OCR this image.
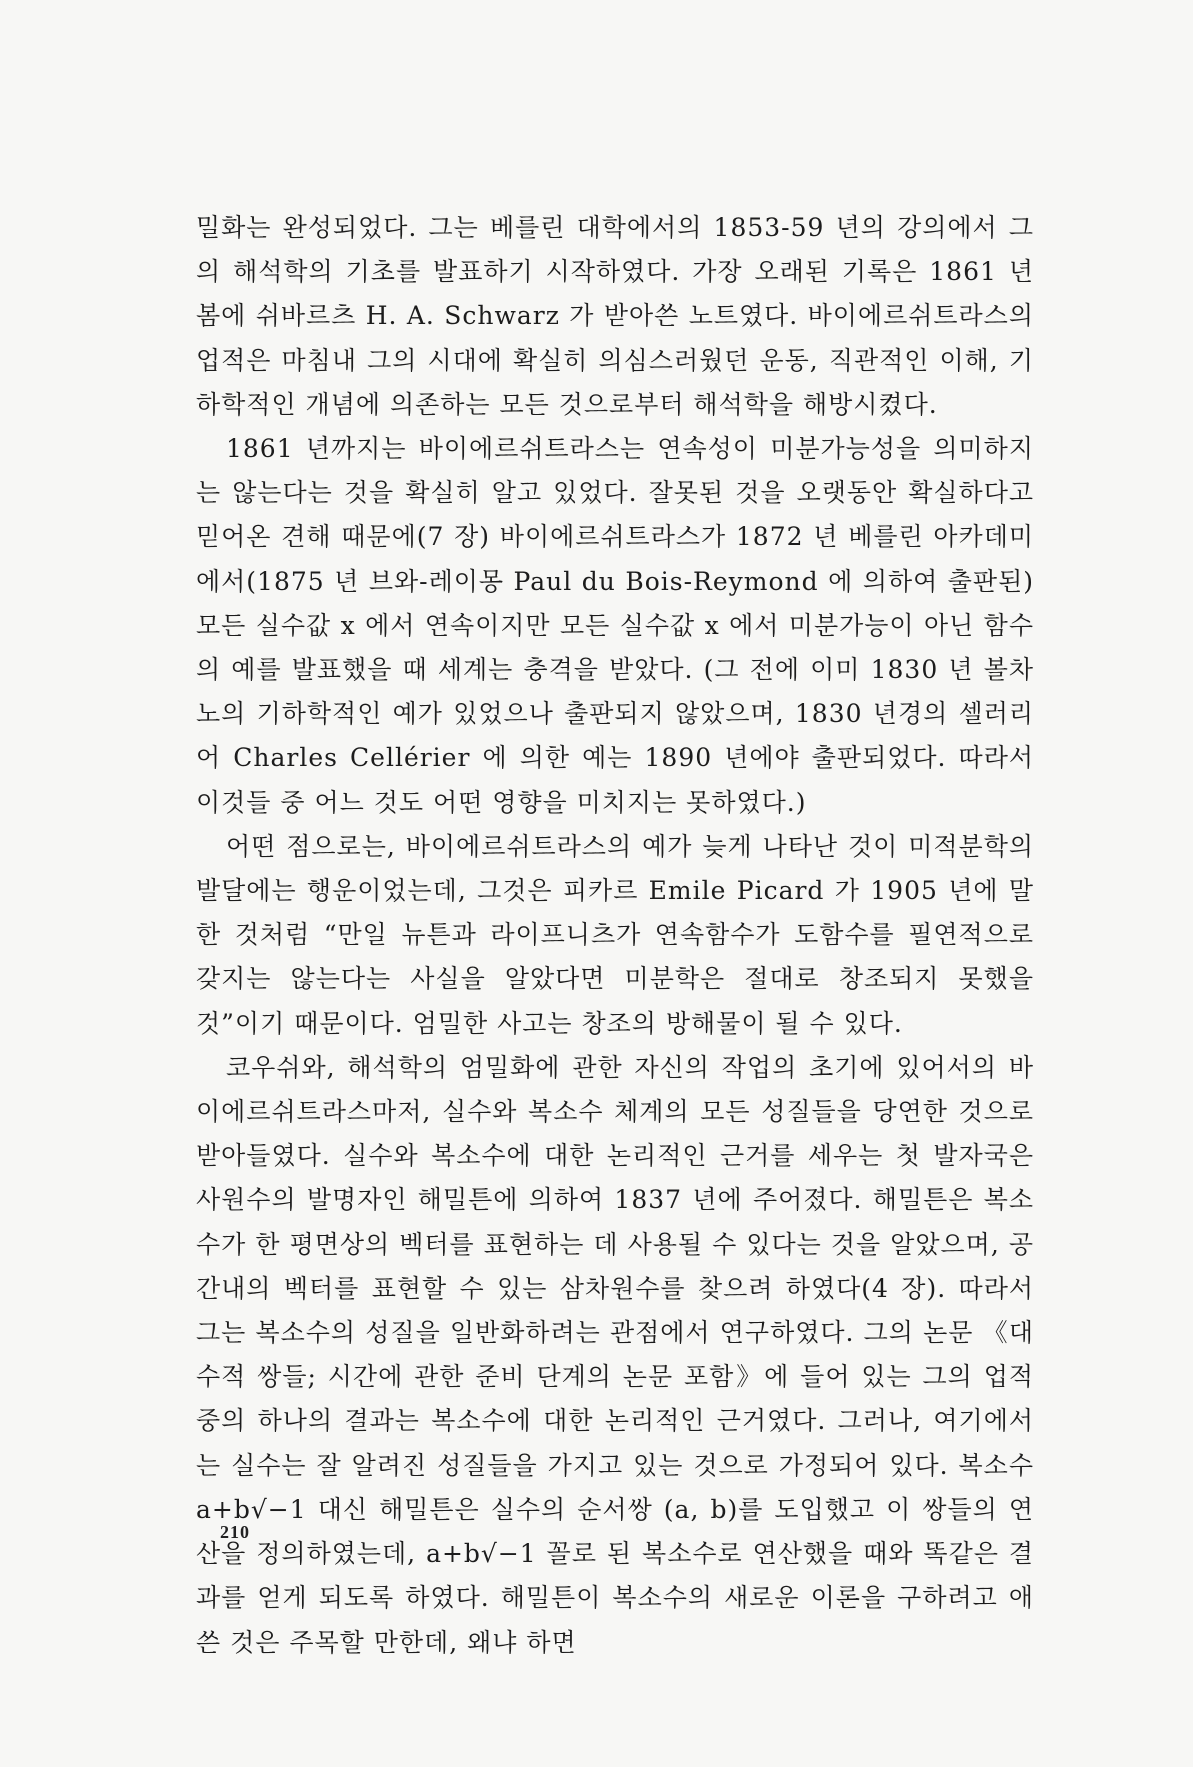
밀화는 완성되었다. 그는 베를린 대학에서의 1853-59 년의 강의에서 그의 해석학의 기초를 발표하기 시작하였다. 가장 오래된 기록은 1861 년 봄에 쉬바르츠 H. A. Schwarz 가 받아쓴 노트였다. 바이에르쉬트라스의 업적은 마침내 그의 시대에 확실히 의심스러웠던 운동, 직관적인 이해, 기하학적인 개념에 의존하는 모든 것으로부터 해석학을 해방시켰다.

1861 년까지는 바이에르쉬트라스는 연속성이 미분가능성을 의미하지는 않는다는 것을 확실히 알고 있었다. 잘못된 것을 오랫동안 확실하다고 믿어온 견해 때문에(7 장) 바이에르쉬트라스가 1872 년 베를린 아카데미에서(1875 년 브와-레이몽 Paul du Bois-Reymond 에 의하여 출판된) 모든 실수값 x 에서 연속이지만 모든 실수값 x 에서 미분가능이 아닌 함수의 예를 발표했을 때 세계는 충격을 받았다. (그 전에 이미 1830 년 볼차노의 기하학적인 예가 있었으나 출판되지 않았으며, 1830 년경의 셀러리어 Charles Cellérier 에 의한 예는 1890 년에야 출판되었다. 따라서 이것들 중 어느 것도 어떤 영향을 미치지는 못하였다.)

어떤 점으로는, 바이에르쉬트라스의 예가 늦게 나타난 것이 미적분학의 발달에는 행운이었는데, 그것은 피카르 Emile Picard 가 1905 년에 말한 것처럼 “만일 뉴튼과 라이프니츠가 연속함수가 도함수를 필연적으로 갖지는 않는다는 사실을 알았다면 미분학은 절대로 창조되지 못했을 것”이기 때문이다. 엄밀한 사고는 창조의 방해물이 될 수 있다.

코우쉬와, 해석학의 엄밀화에 관한 자신의 작업의 초기에 있어서의 바이에르쉬트라스마저, 실수와 복소수 체계의 모든 성질들을 당연한 것으로 받아들였다. 실수와 복소수에 대한 논리적인 근거를 세우는 첫 발자국은 사원수의 발명자인 해밀튼에 의하여 1837 년에 주어졌다. 해밀튼은 복소수가 한 평면상의 벡터를 표현하는 데 사용될 수 있다는 것을 알았으며, 공간내의 벡터를 표현할 수 있는 삼차원수를 찾으려 하였다(4 장). 따라서 그는 복소수의 성질을 일반화하려는 관점에서 연구하였다. 그의 논문 《대수적 쌍들; 시간에 관한 준비 단계의 논문 포함》에 들어 있는 그의 업적 중의 하나의 결과는 복소수에 대한 논리적인 근거였다. 그러나, 여기에서는 실수는 잘 알려진 성질들을 가지고 있는 것으로 가정되어 있다. 복소수 a+b√−1 대신 해밀튼은 실수의 순서쌍 (a, b)를 도입했고 이 쌍들의 연산을 정의하였는데, a+b√−1 꼴로 된 복소수로 연산했을 때와 똑같은 결과를 얻게 되도록 하였다. 해밀튼이 복소수의 새로운 이론을 구하려고 애쓴 것은 주목할 만한데, 왜냐 하면

210
